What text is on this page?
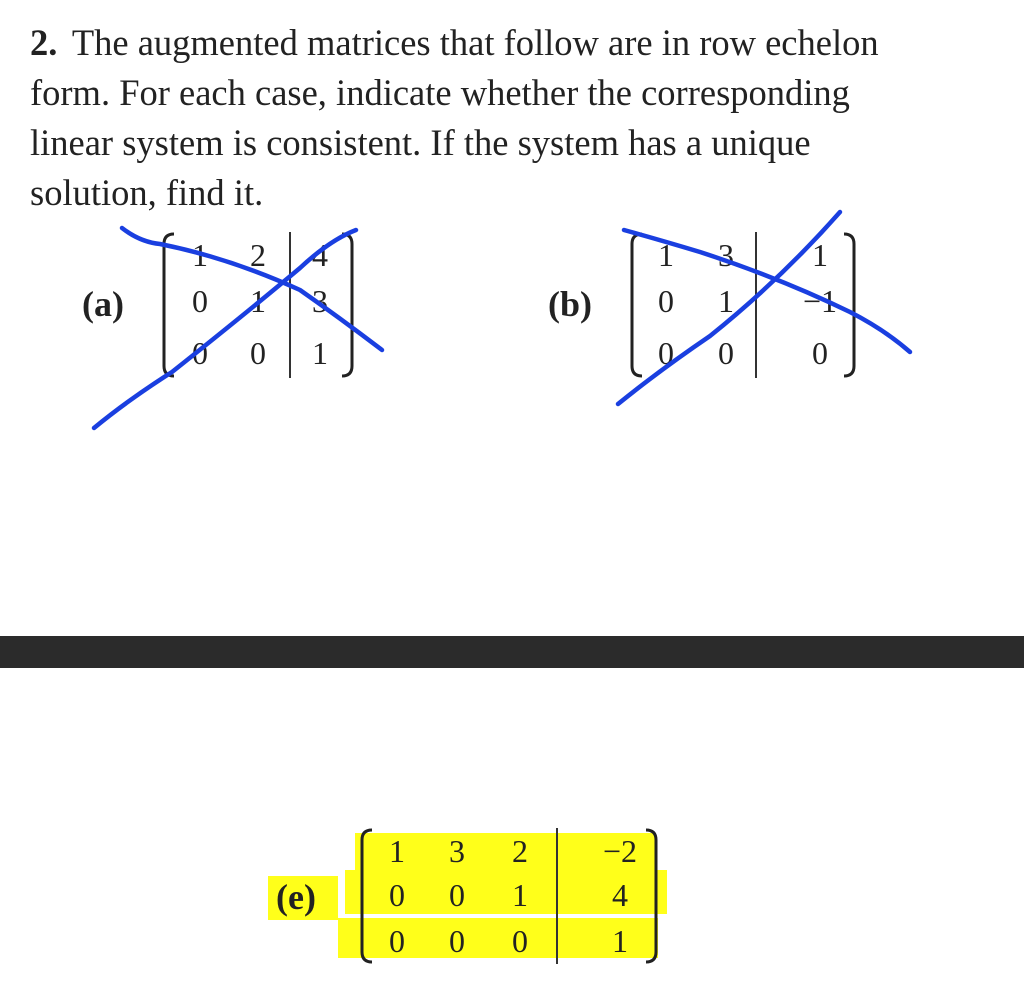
2. The augmented matrices that follow are in row echelon form. For each case, indicate whether the corresponding linear system is consistent. If the system has a unique solution, find it.
(a)
1	2	4
0	1	3
0	0	1
(b)
1	3	1
0	1	−1
0	0	0
(e)
1	3	2	−2
0	0	1	4
0	0	0	1
